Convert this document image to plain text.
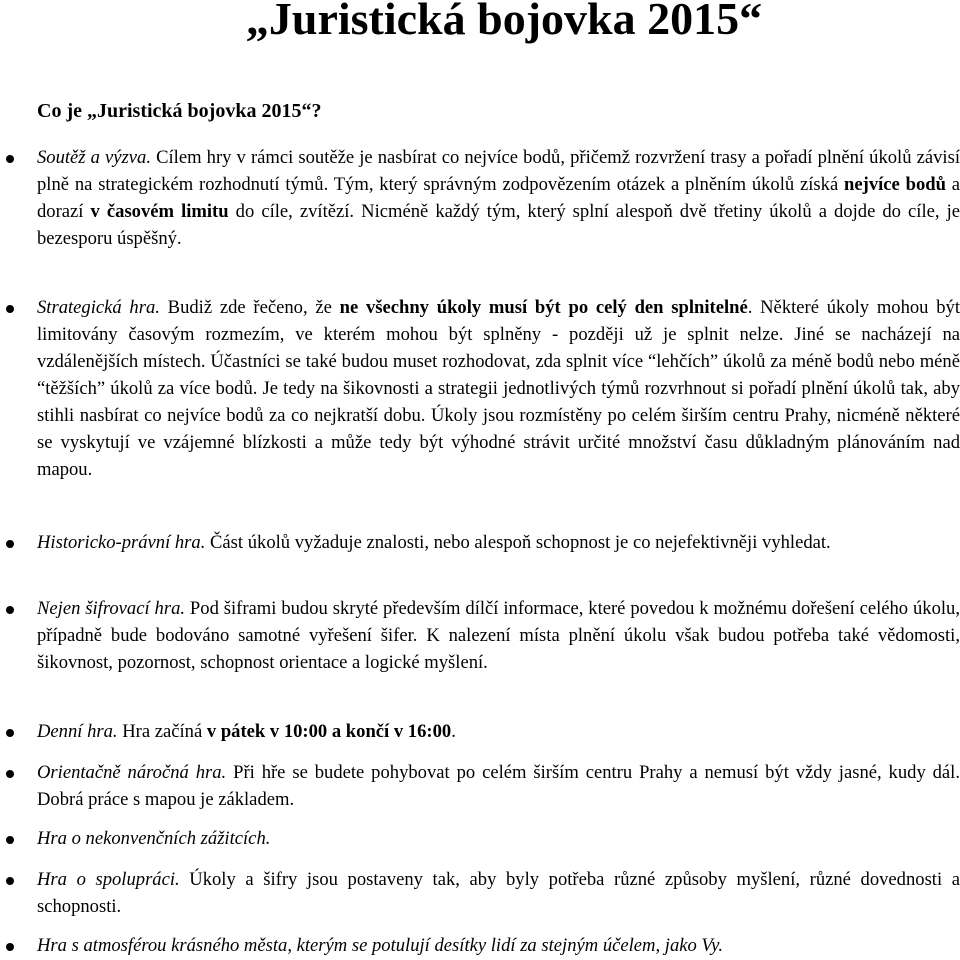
„Juristická bojovka 2015“
Co je „Juristická bojovka 2015“?
Soutěž a výzva. Cílem hry v rámci soutěže je nasbírat co nejvíce bodů, přičemž rozvržení trasy a pořadí plnění úkolů závisí plně na strategickém rozhodnutí týmů. Tým, který správným zodpovězením otázek a plněním úkolů získá nejvíce bodů a dorazí v časovém limitu do cíle, zvítězí. Nicméně každý tým, který splní alespoň dvě třetiny úkolů a dojde do cíle, je bezesporu úspěšný.
Strategická hra. Budiž zde řečeno, že ne všechny úkoly musí být po celý den splnitelné. Některé úkoly mohou být limitovány časovým rozmezím, ve kterém mohou být splněny - později už je splnit nelze. Jiné se nacházejí na vzdálenějších místech. Účastníci se také budou muset rozhodovat, zda splnit více “lehčích” úkolů za méně bodů nebo méně “těžších” úkolů za více bodů. Je tedy na šikovnosti a strategii jednotlivých týmů rozvrhnout si pořadí plnění úkolů tak, aby stihli nasbírat co nejvíce bodů za co nejkratší dobu. Úkoly jsou rozmístěny po celém širším centru Prahy, nicméně některé se vyskytují ve vzájemné blízkosti a může tedy být výhodné strávit určité množství času důkladným plánováním nad mapou.
Historicko-právní hra. Část úkolů vyžaduje znalosti, nebo alespoň schopnost je co nejefektivněji vyhledat.
Nejen šifrovací hra. Pod šiframi budou skryté především dílčí informace, které povedou k možnému dořešení celého úkolu, případně bude bodováno samotné vyřešení šifer. K nalezení místa plnění úkolu však budou potřeba také vědomosti, šikovnost, pozornost, schopnost orientace a logické myšlení.
Denní hra. Hra začíná v pátek v 10:00 a končí v 16:00.
Orientačně náročná hra. Při hře se budete pohybovat po celém širším centru Prahy a nemusí být vždy jasné, kudy dál. Dobrá práce s mapou je základem.
Hra o nekonvenčních zážitcích.
Hra o spolupráci. Úkoly a šifry jsou postaveny tak, aby byly potřeba různé způsoby myšlení, různé dovednosti a schopnosti.
Hra s atmosférou krásného města, kterým se potulují desítky lidí za stejným účelem, jako Vy.
